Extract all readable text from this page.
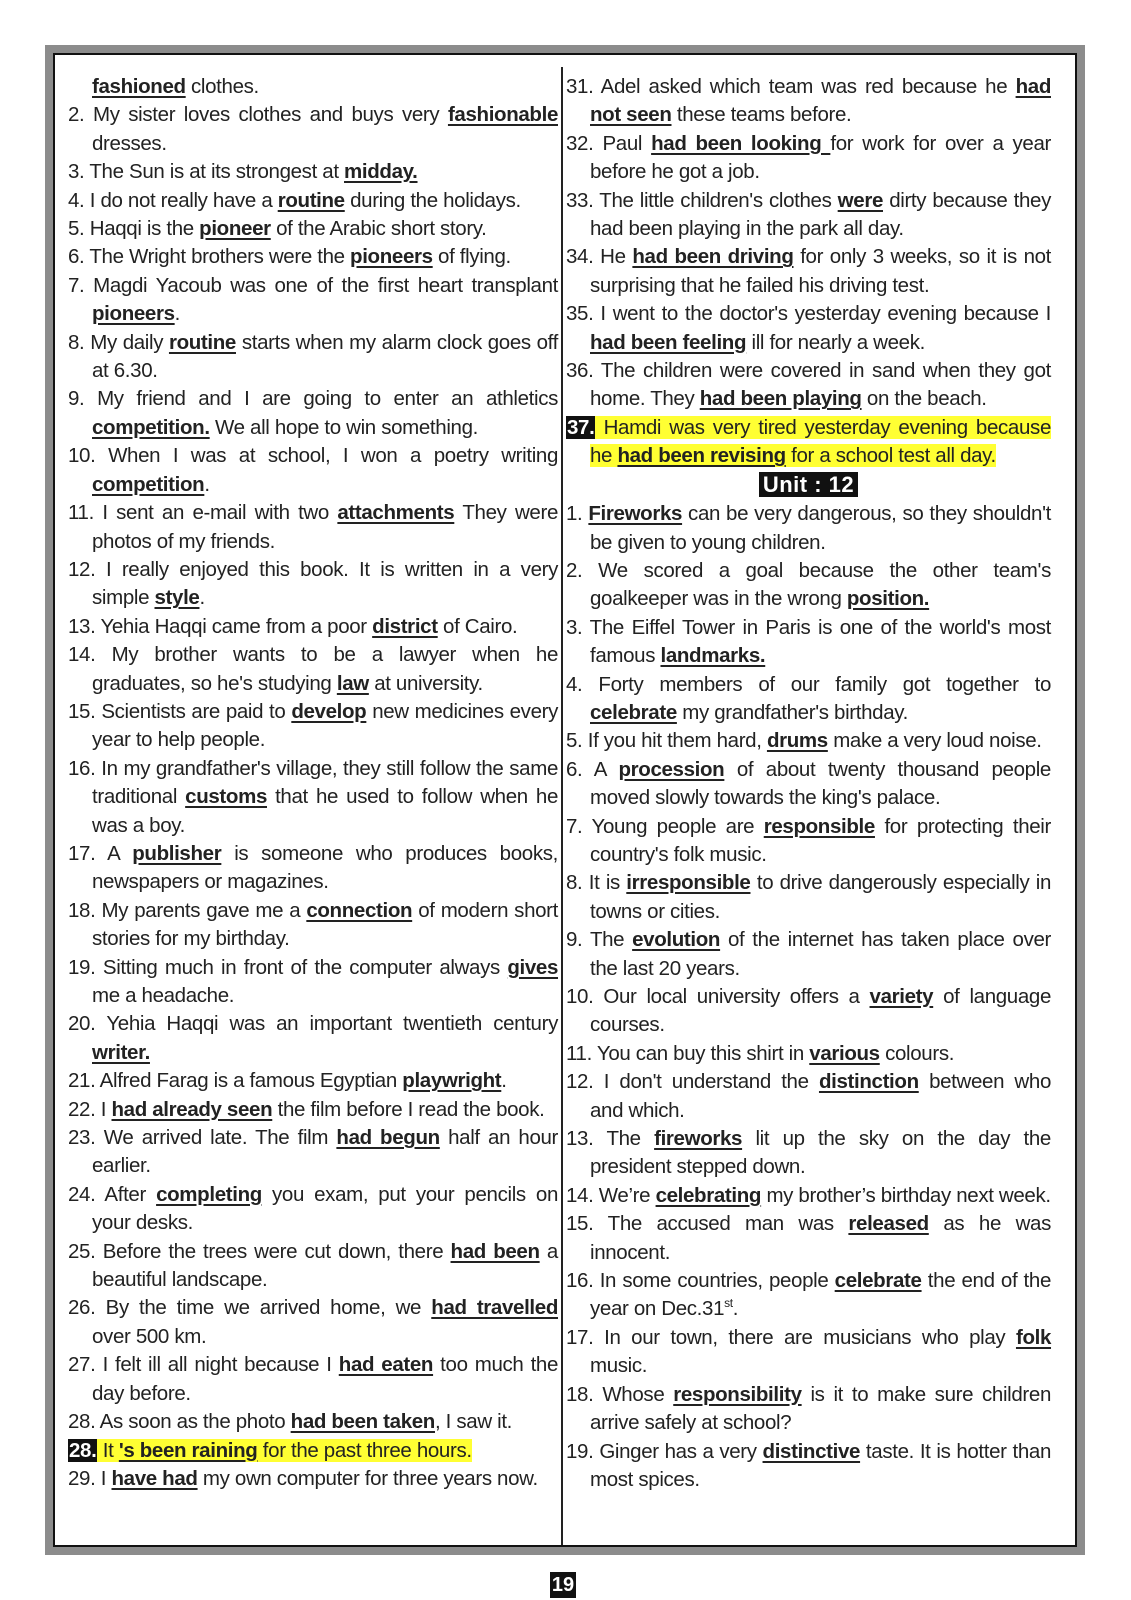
fashioned clothes.

2. My sister loves clothes and buys very fashionable dresses.

3. The Sun is at its strongest at midday.

4. I do not really have a routine during the holidays.

5. Haqqi is the pioneer of the Arabic short story.

6. The Wright brothers were the pioneers of flying.

7. Magdi Yacoub was one of the first heart transplant pioneers.

8. My daily routine starts when my alarm clock goes off at 6.30.

9. My friend and I are going to enter an athletics competition. We all hope to win something.

10. When I was at school, I won a poetry writing competition.

11. I sent an e-mail with two attachments They were photos of my friends.

12. I really enjoyed this book. It is written in a very simple style.

13. Yehia Haqqi came from a poor district of Cairo.

14. My brother wants to be a lawyer when he graduates, so he's studying law at university.

15. Scientists are paid to develop new medicines every year to help people.

16. In my grandfather's village, they still follow the same traditional customs that he used to follow when he was a boy.

17. A publisher is someone who produces books, newspapers or magazines.

18. My parents gave me a connection of modern short stories for my birthday.

19. Sitting much in front of the computer always gives me a headache.

20. Yehia Haqqi was an important twentieth century writer.

21. Alfred Farag is a famous Egyptian playwright.

22. I had already seen the film before I read the book.

23. We arrived late. The film had begun half an hour earlier.

24. After completing you exam, put your pencils on your desks.

25. Before the trees were cut down, there had been a beautiful landscape.

26. By the time we arrived home, we had travelled over 500 km.

27. I felt ill all night because I had eaten too much the day before.

28. As soon as the photo had been taken, I saw it.

28. It 's been raining for the past three hours.

29. I have had my own computer for three years now.

31. Adel asked which team was red because he had not seen these teams before.

32. Paul had been looking for work for over a year before he got a job.

33. The little children's clothes were dirty because they had been playing in the park all day.

34. He had been driving for only 3 weeks, so it is not surprising that he failed his driving test.

35. I went to the doctor's yesterday evening because I had been feeling ill for nearly a week.

36. The children were covered in sand when they got home. They had been playing on the beach.

37. Hamdi was very tired yesterday evening because he had been revising for a school test all day.

Unit : 12

1. Fireworks can be very dangerous, so they shouldn't be given to young children.

2. We scored a goal because the other team's goalkeeper was in the wrong position.

3. The Eiffel Tower in Paris is one of the world's most famous landmarks.

4. Forty members of our family got together to celebrate my grandfather's birthday.

5. If you hit them hard, drums make a very loud noise.

6. A procession of about twenty thousand people moved slowly towards the king's palace.

7. Young people are responsible for protecting their country's folk music.

8. It is irresponsible to drive dangerously especially in towns or cities.

9. The evolution of the internet has taken place over the last 20 years.

10. Our local university offers a variety of language courses.

11. You can buy this shirt in various colours.

12. I don't understand the distinction between who and which.

13. The fireworks lit up the sky on the day the president stepped down.

14. We’re celebrating my brother’s birthday next week.

15. The accused man was released as he was innocent.

16. In some countries, people celebrate the end of the year on Dec.31st.

17. In our town, there are musicians who play folk music.

18. Whose responsibility is it to make sure children arrive safely at school?

19. Ginger has a very distinctive taste. It is hotter than most spices.

19
